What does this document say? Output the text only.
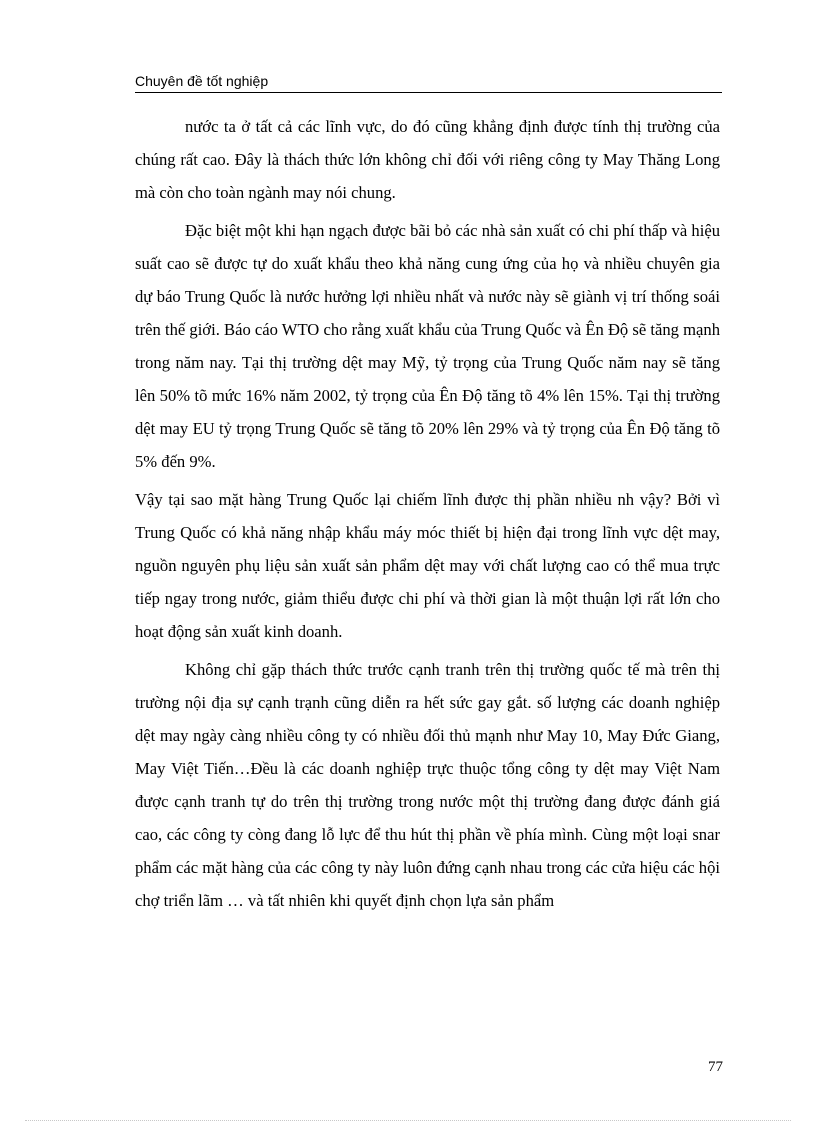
Chuyên đề tốt nghiệp

nước ta ở tất cả các lĩnh vực, do đó cũng khẳng định được tính thị trường của chúng rất cao. Đây là thách thức lớn không chỉ đối với riêng công ty May Thăng Long mà còn cho toàn ngành may nói chung.

Đặc biệt một khi hạn ngạch được bãi bỏ các nhà sản xuất có chi phí thấp và hiệu suất cao sẽ được tự do xuất khẩu theo khả năng cung ứng của họ và nhiều chuyên gia dự báo Trung Quốc là nước hưởng lợi nhiều nhất và nước này sẽ giành vị trí thống soái trên thế giới. Báo cáo WTO cho rằng xuất khẩu của Trung Quốc và Ên Độ sẽ tăng mạnh trong năm nay. Tại thị trường dệt may Mỹ, tỷ trọng của Trung Quốc năm nay sẽ tăng lên 50% tõ mức 16% năm 2002, tỷ trọng của Ên Độ tăng tõ 4% lên 15%. Tại thị trường dệt may EU tỷ trọng Trung Quốc sẽ tăng tõ 20% lên 29% và tỷ trọng của Ên Độ tăng tõ 5% đến 9%.

Vậy tại sao mặt hàng Trung Quốc lại chiếm lĩnh được thị phần nhiều nh vậy? Bởi vì Trung Quốc có khả năng nhập khẩu máy móc thiết bị hiện đại trong lĩnh vực dệt may, nguồn nguyên phụ liệu sản xuất sản phẩm dệt may với chất lượng cao có thể mua trực tiếp ngay trong nước, giảm thiểu được chi phí và thời gian là một thuận lợi rất lớn cho hoạt động sản xuất kinh doanh.

Không chỉ gặp thách thức trước cạnh tranh trên thị trường quốc tế mà trên thị trường nội địa sự cạnh trạnh cũng diễn ra hết sức gay gắt. số lượng các doanh nghiệp dệt may ngày càng nhiều công ty có nhiều đối thủ mạnh như May 10, May Đức Giang, May Việt Tiến…Đều là các doanh nghiệp trực thuộc tổng công ty dệt may Việt Nam được cạnh tranh tự do trên thị trường trong nước một thị trường đang được đánh giá cao, các công ty còng đang lỗ lực để thu hút thị phần về phía mình. Cùng một loại snar phẩm các mặt hàng của các công ty này luôn đứng cạnh nhau trong các cửa hiệu các hội chợ triển lãm … và tất nhiên khi quyết định chọn lựa sản phẩm

77
